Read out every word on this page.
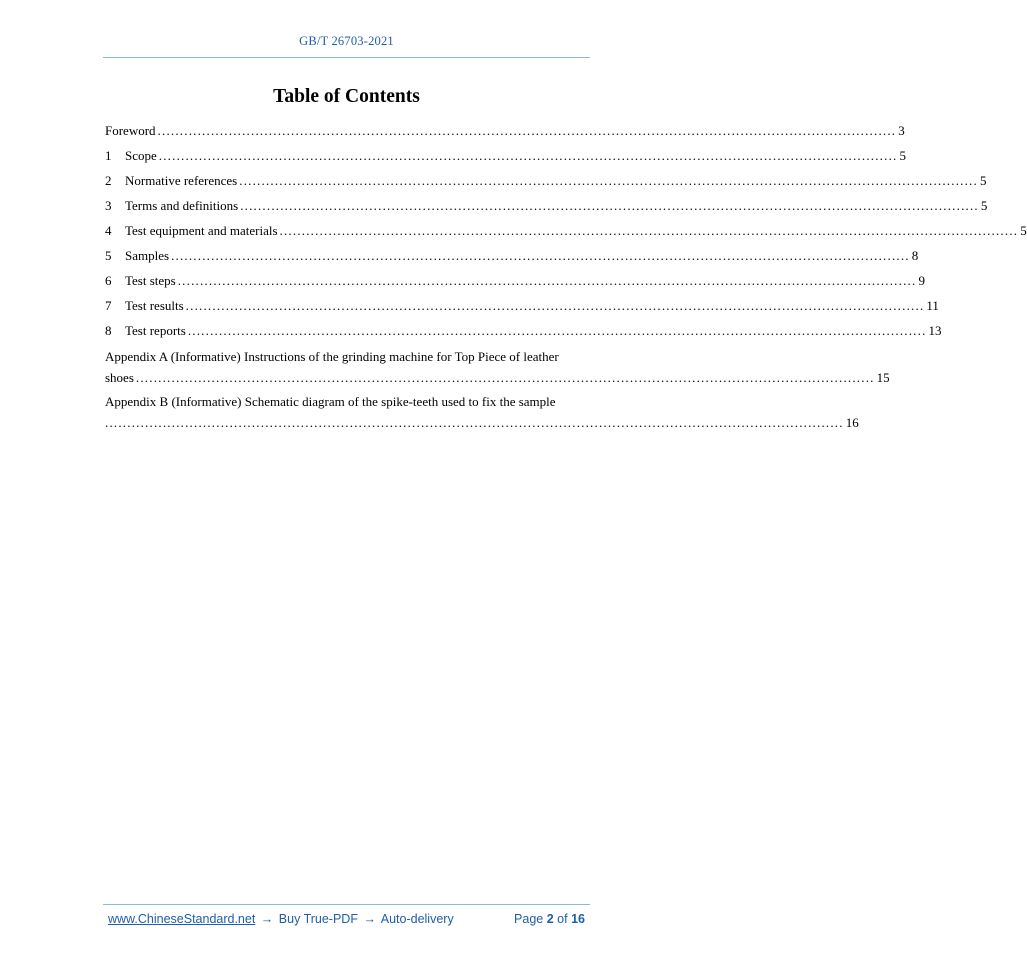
GB/T 26703-2021
Table of Contents
Foreword ...................................................................................................................................................................... 3
1	Scope ...................................................................................................................................................................... 5
2	Normative references ...................................................................................................................................................................... 5
3	Terms and definitions ...................................................................................................................................................................... 5
4	Test equipment and materials ...................................................................................................................................................................... 5
5	Samples ...................................................................................................................................................................... 8
6	Test steps ...................................................................................................................................................................... 9
7	Test results ...................................................................................................................................................................... 11
8	Test reports ...................................................................................................................................................................... 13
Appendix A (Informative) Instructions of the grinding machine for Top Piece of leather
shoes ...................................................................................................................................................................... 15
Appendix B (Informative) Schematic diagram of the spike-teeth used to fix the sample
...................................................................................................................................................................... 16
www.ChineseStandard.net → Buy True-PDF → Auto-delivery	Page 2 of 16
